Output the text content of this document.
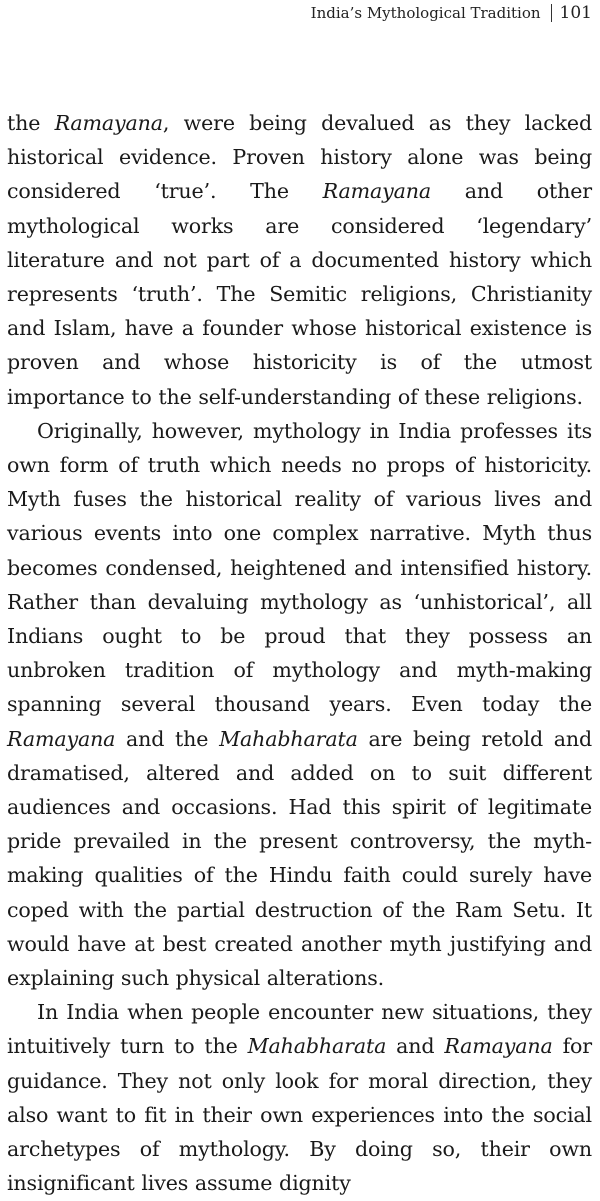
India’s Mythological Tradition 101

the Ramayana, were being devalued as they lacked historical evidence. Proven history alone was being considered ‘true’. The Ramayana and other mythological works are considered ‘legendary’ literature and not part of a documented history which represents ‘truth’. The Semitic religions, Christianity and Islam, have a founder whose historical existence is proven and whose historicity is of the utmost importance to the self-understanding of these religions.

Originally, however, mythology in India professes its own form of truth which needs no props of historicity. Myth fuses the historical reality of various lives and various events into one complex narrative. Myth thus becomes condensed, heightened and intensified history. Rather than devaluing mythology as ‘unhistorical’, all Indians ought to be proud that they possess an unbroken tradition of mythology and myth-making spanning several thousand years. Even today the Ramayana and the Mahabharata are being retold and dramatised, altered and added on to suit different audiences and occasions. Had this spirit of legitimate pride prevailed in the present controversy, the myth-making qualities of the Hindu faith could surely have coped with the partial destruction of the Ram Setu. It would have at best created another myth justifying and explaining such physical alterations.

In India when people encounter new situations, they intuitively turn to the Mahabharata and Ramayana for guidance. They not only look for moral direction, they also want to fit in their own experiences into the social archetypes of mythology. By doing so, their own insignificant lives assume dignity
